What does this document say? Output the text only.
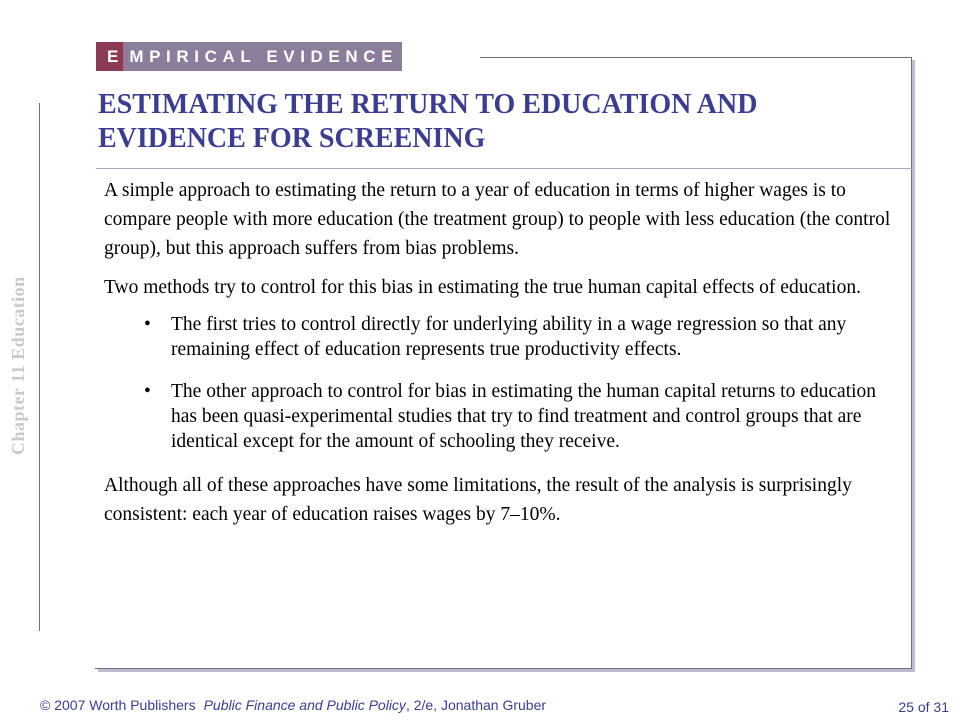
Chapter 11 Education
E MPIRICAL EVIDENCE
ESTIMATING THE RETURN TO EDUCATION AND
EVIDENCE FOR SCREENING

A simple approach to estimating the return to a year of education in terms of higher wages is to compare people with more education (the treatment group) to people with less education (the control group), but this approach suffers from bias problems.

Two methods try to control for this bias in estimating the true human capital effects of education.

• The first tries to control directly for underlying ability in a wage regression so that any remaining effect of education represents true productivity effects.
• The other approach to control for bias in estimating the human capital returns to education has been quasi-experimental studies that try to find treatment and control groups that are identical except for the amount of schooling they receive.

Although all of these approaches have some limitations, the result of the analysis is surprisingly consistent: each year of education raises wages by 7–10%.

© 2007 Worth Publishers Public Finance and Public Policy, 2/e, Jonathan Gruber	25 of 31
